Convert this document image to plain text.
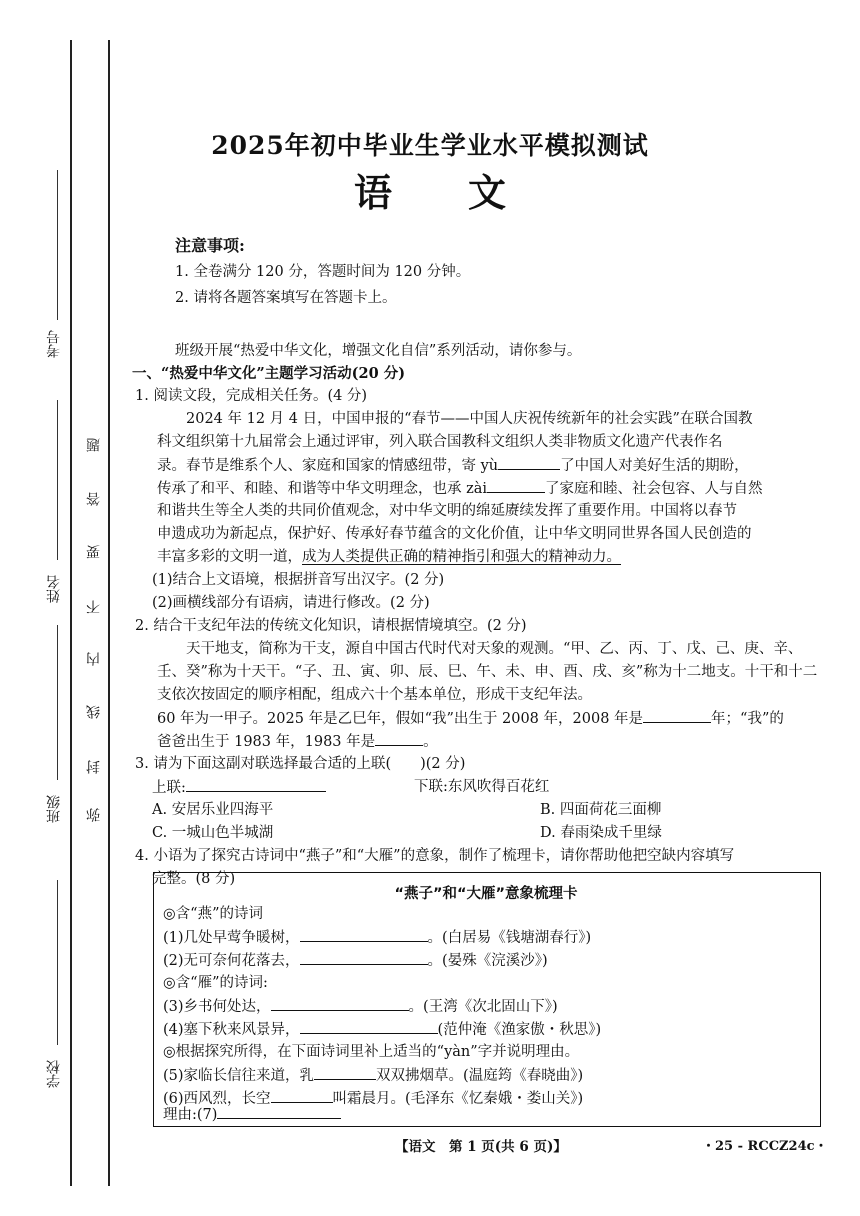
考号
姓名
班级
学校
弥
封
线
内
不
要
答
题
2025年初中毕业生学业水平模拟测试
语　　文
注意事项:
1. 全卷满分 120 分，答题时间为 120 分钟。
2. 请将各题答案填写在答题卡上。
班级开展“热爱中华文化，增强文化自信”系列活动，请你参与。
一、“热爱中华文化”主题学习活动(20 分)
1. 阅读文段，完成相关任务。(4 分)
2024 年 12 月 4 日，中国申报的“春节——中国人庆祝传统新年的社会实践”在联合国教
科文组织第十九届常会上通过评审，列入联合国教科文组织人类非物质文化遗产代表作名
录。春节是维系个人、家庭和国家的情感纽带，寄 yù	了中国人对美好生活的期盼，
传承了和平、和睦、和谐等中华文明理念，也承 zài	了家庭和睦、社会包容、人与自然
和谐共生等全人类的共同价值观念，对中华文明的绵延赓续发挥了重要作用。中国将以春节
申遗成功为新起点，保护好、传承好春节蕴含的文化价值，让中华文明同世界各国人民创造的
丰富多彩的文明一道，成为人类提供正确的精神指引和强大的精神动力。
(1)结合上文语境，根据拼音写出汉字。(2 分)
(2)画横线部分有语病，请进行修改。(2 分)
2. 结合干支纪年法的传统文化知识，请根据情境填空。(2 分)
天干地支，简称为干支，源自中国古代时代对天象的观测。“甲、乙、丙、丁、戊、己、庚、辛、
壬、癸”称为十天干。“子、丑、寅、卯、辰、巳、午、未、申、酉、戌、亥”称为十二地支。十干和十二
支依次按固定的顺序相配，组成六十个基本单位，形成干支纪年法。
60 年为一甲子。2025 年是乙巳年，假如“我”出生于 2008 年，2008 年是	年；“我”的
爸爸出生于 1983 年，1983 年是	。
3. 请为下面这副对联选择最合适的上联(　　)(2 分)
上联:	下联:东风吹得百花红
A. 安居乐业四海平	B. 四面荷花三面柳
C. 一城山色半城湖	D. 春雨染成千里绿
4. 小语为了探究古诗词中“燕子”和“大雁”的意象，制作了梳理卡，请你帮助他把空缺内容填写
完整。(8 分)
“燕子”和“大雁”意象梳理卡
◎含“燕”的诗词
(1)几处早莺争暖树，	。(白居易《钱塘湖春行》)
(2)无可奈何花落去，	。(晏殊《浣溪沙》)
◎含“雁”的诗词:
(3)乡书何处达，	。(王湾《次北固山下》)
(4)塞下秋来风景异，	(范仲淹《渔家傲・秋思》)
◎根据探究所得，在下面诗词里补上适当的“yàn”字并说明理由。
(5)家临长信往来道，乳	双双拂烟草。(温庭筠《春晓曲》)
(6)西风烈，长空	叫霜晨月。(毛泽东《忆秦娥・娄山关》)
理由:(7)
【语文　第 1 页(共 6 页)】	・25 - RCCZ24c・
